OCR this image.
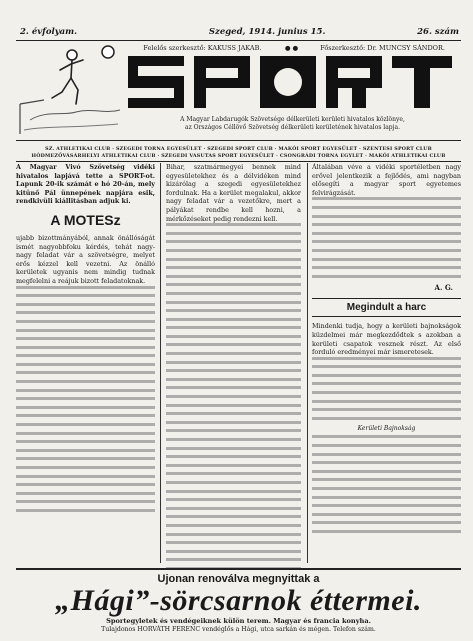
2. évfolyam.	Szeged, 1914. junius 15.	26. szám
Felelős szerkesztő: KAKUSS JAKAB.	●●	Főszerkesztő: Dr. MUNCSY SÁNDOR.
A Magyar Labdarugók Szövetsége délkerületi kerületi hivatalos közlönye,
az Országos Céllövő Szövetség délkerületi kerületének hivatalos lapja.
SZ. ATHLETIKAI CLUB · SZEGEDI TORNA EGYESÜLET · SZEGEDI SPORT CLUB · MAKÓI SPORT EGYESÜLET · SZENTESI SPORT CLUB
HÓDMEZŐVÁSÁRHELYI ATHLETIKAI CLUB · SZEGEDI VASUTAS SPORT EGYESÜLET · CSONGRÁDI TORNA EGYLET · MAKÓI ATHLETIKAI CLUB

A Magyar Vivó Szövetség vidéki hivatalos lapjává tette a SPORT-ot. Lapunk 20-ik számát e hó 20-án, mely kitünő Pál ünnepének napjára esik, rendkivüli kiállitásban adjuk ki.

A MOTESz

ujabb bizottmányából, annak önállóságát ismét nagyobbfoku kérdés, tehát nagy-nagy feladat vár a szövetségre, melyet erős kézzel kell vezetni. Az önálló kerületek ugyanis nem mindig tudnak megfelelni a reájuk bizott feladatoknak.

Bihar, szatmármegyei bennek mind egyesületekhez és a délvidéken mind kizárólag a szegedi egyesületekhez fordulnak. Ha a kerület megalakul, akkor nagy feladat vár a vezetőkre, mert a pályákat rendbe kell hozni, a mérkőzéseket pedig rendezni kell.

Általában véve a vidéki sportéletben nagy erővel jelentkezik a fejlődés, ami nagyban elősegíti a magyar sport egyetemes felvirágzását.

A. G.
Megindult a harc

Mindenki tudja, hogy a kerületi bajnokságok küzdelmei már megkezdődtek s azokban a kerületi csapatok vesznek részt. Az első forduló eredményei már ismeretesek.

Kerületi Bajnokság
Ujonan renoválva megnyittak a
„Hági”-sörcsarnok éttermei.
Sportegyletek és vendégeiknek külön terem. Magyar és francia konyha.
Tulajdonos HORVÁTH FERENC vendéglős a Hági, utca sarkán és mégen. Telefon szám.
